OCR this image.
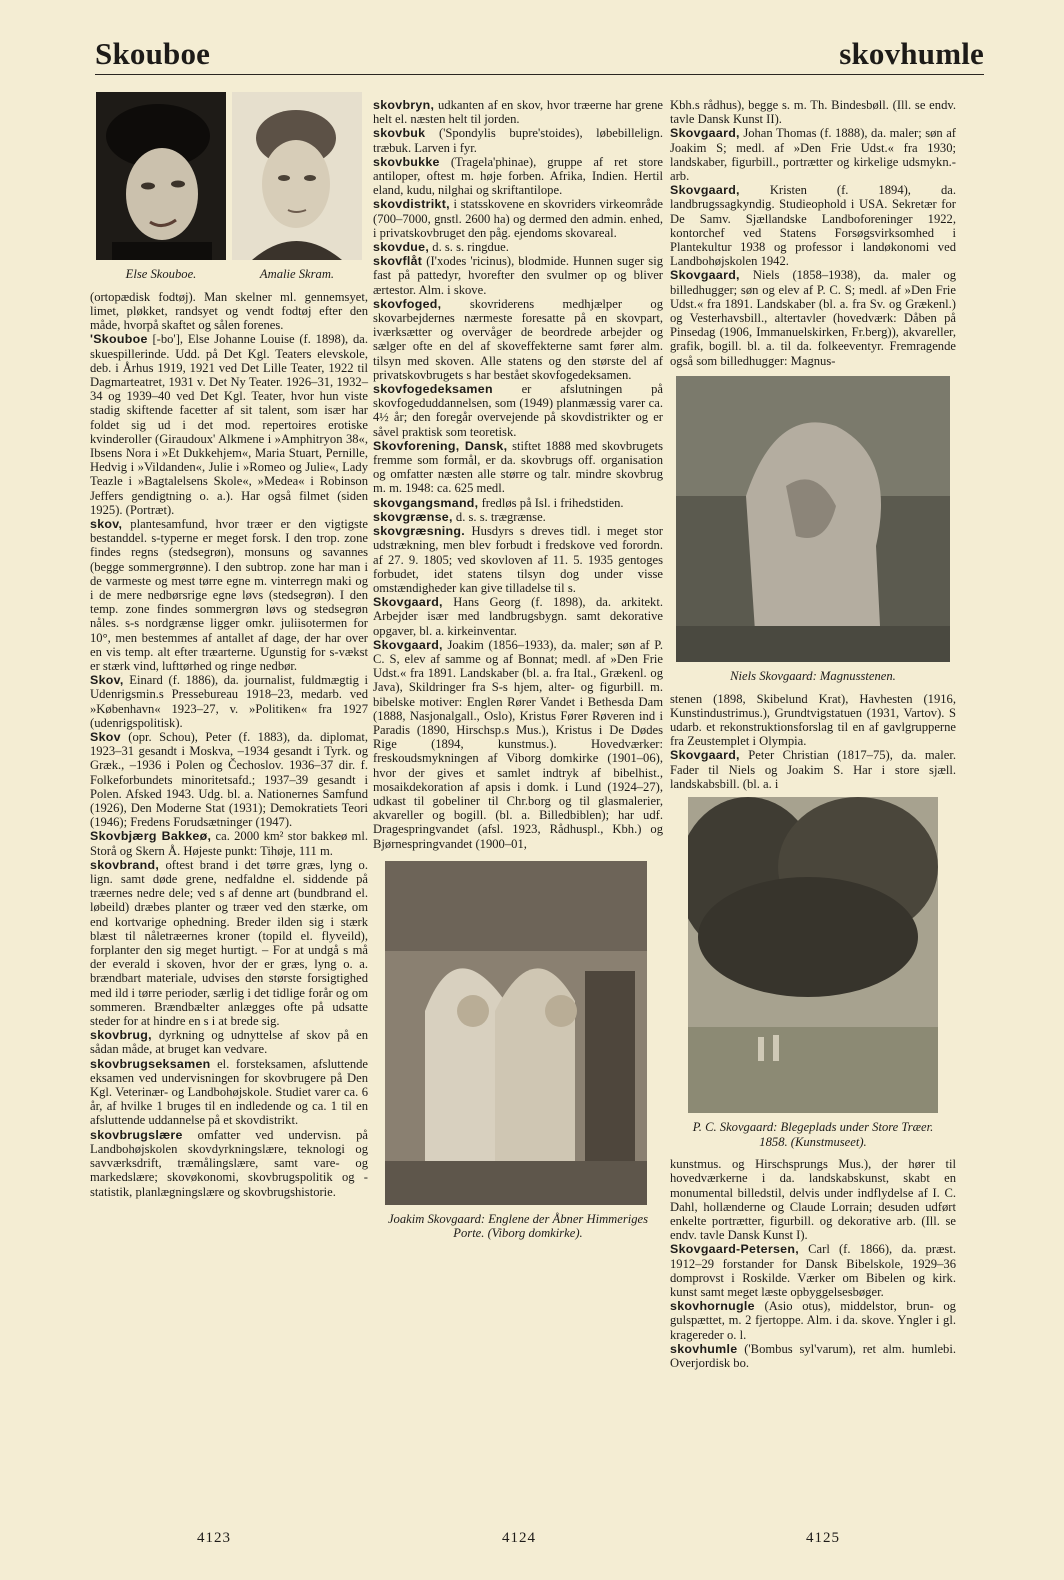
Skouboe	skovhumle
Else Skouboe.	Amalie Skram.

(ortopædisk fodtøj). Man skelner ml. gennemsyet, limet, pløkket, randsyet og vendt fodtøj efter den måde, hvorpå skaftet og sålen forenes.

'Skouboe [-bo'], Else Johanne Louise (f. 1898), da. skuespillerinde. Udd. på Det Kgl. Teaters elevskole, deb. i Århus 1919, 1921 ved Det Lille Teater, 1922 til Dagmarteatret, 1931 v. Det Ny Teater. 1926–31, 1932–34 og 1939–40 ved Det Kgl. Teater, hvor hun viste stadig skiftende facetter af sit talent, som især har foldet sig ud i det mod. repertoires erotiske kvinderoller (Giraudoux' Alkmene i »Amphitryon 38«, Ibsens Nora i »Et Dukkehjem«, Maria Stuart, Pernille, Hedvig i »Vildanden«, Julie i »Romeo og Julie«, Lady Teazle i »Bagtalelsens Skole«, »Medea« i Robinson Jeffers gendigtning o. a.). Har også filmet (siden 1925). (Portræt).

skov, plantesamfund, hvor træer er den vigtigste bestanddel. s-typerne er meget forsk. I den trop. zone findes regns (stedsegrøn), monsuns og savannes (begge sommergrønne). I den subtrop. zone har man i de varmeste og mest tørre egne m. vinterregn maki og i de mere nedbørsrige egne løvs (stedsegrøn). I den temp. zone findes sommergrøn løvs og stedsegrøn nåles. s-s nordgrænse ligger omkr. juliisotermen for 10°, men bestemmes af antallet af dage, der har over en vis temp. alt efter træarterne. Ugunstig for s-vækst er stærk vind, lufttørhed og ringe nedbør.

Skov, Einard (f. 1886), da. journalist, fuldmægtig i Udenrigsmin.s Pressebureau 1918–23, medarb. ved »København« 1923–27, v. »Politiken« fra 1927 (udenrigspolitisk).

Skov (opr. Schou), Peter (f. 1883), da. diplomat, 1923–31 gesandt i Moskva, –1934 gesandt i Tyrk. og Græk., –1936 i Polen og Čechoslov. 1936–37 dir. f. Folkeforbundets minoritetsafd.; 1937–39 gesandt i Polen. Afsked 1943. Udg. bl. a. Nationernes Samfund (1926), Den Moderne Stat (1931); Demokratiets Teori (1946); Fredens Forudsætninger (1947).

Skovbjærg Bakkeø, ca. 2000 km² stor bakkeø ml. Storå og Skern Å. Højeste punkt: Tihøje, 111 m.

skovbrand, oftest brand i det tørre græs, lyng o. lign. samt døde grene, nedfaldne el. siddende på træernes nedre dele; ved s af denne art (bundbrand el. løbeild) dræbes planter og træer ved den stærke, om end kortvarige ophedning. Breder ilden sig i stærk blæst til nåletræernes kroner (topild el. flyveild), forplanter den sig meget hurtigt. – For at undgå s må der everald i skoven, hvor der er græs, lyng o. a. brændbart materiale, udvises den største forsigtighed med ild i tørre perioder, særlig i det tidlige forår og om sommeren. Brændbælter anlægges ofte på udsatte steder for at hindre en s i at brede sig.

skovbrug, dyrkning og udnyttelse af skov på en sådan måde, at bruget kan vedvare.

skovbrugseksamen el. forsteksamen, afsluttende eksamen ved undervisningen for skovbrugere på Den Kgl. Veterinær- og Landbohøjskole. Studiet varer ca. 6 år, af hvilke 1 bruges til en indledende og ca. 1 til en afsluttende uddannelse på et skovdistrikt.

skovbrugslære omfatter ved undervisn. på Landbohøjskolen skovdyrkningslære, teknologi og savværksdrift, træmålingslære, samt vare- og markedslære; skovøkonomi, skovbrugspolitik og -statistik, planlægningslære og skovbrugshistorie.

skovbryn, udkanten af en skov, hvor træerne har grene helt el. næsten helt til jorden.

skovbuk ('Spondylis bupre'stoides), løbebillelign. træbuk. Larven i fyr.

skovbukke (Tragela'phinae), gruppe af ret store antiloper, oftest m. høje forben. Afrika, Indien. Hertil eland, kudu, nilghai og skriftantilope.

skovdistrikt, i statsskovene en skovriders virkeområde (700–7000, gnstl. 2600 ha) og dermed den admin. enhed, i privatskovbruget den påg. ejendoms skovareal.

skovdue, d. s. s. ringdue.

skovflåt (I'xodes 'ricinus), blodmide. Hunnen suger sig fast på pattedyr, hvorefter den svulmer op og bliver ærtestor. Alm. i skove.

skovfoged, skovriderens medhjælper og skovarbejdernes nærmeste foresatte på en skovpart, iværksætter og overvåger de beordrede arbejder og sælger ofte en del af skoveffekterne samt fører alm. tilsyn med skoven. Alle statens og den største del af privatskovbrugets s har bestået skovfogedeksamen.

skovfogedeksamen er afslutningen på skovfogeduddannelsen, som (1949) planmæssig varer ca. 4½ år; den foregår overvejende på skovdistrikter og er såvel praktisk som teoretisk.

Skovforening, Dansk, stiftet 1888 med skovbrugets fremme som formål, er da. skovbrugs off. organisation og omfatter næsten alle større og talr. mindre skovbrug m. m. 1948: ca. 625 medl.

skovgangsmand, fredløs på Isl. i frihedstiden.

skovgrænse, d. s. s. trægrænse.

skovgræsning. Husdyrs s dreves tidl. i meget stor udstrækning, men blev forbudt i fredskove ved forordn. af 27. 9. 1805; ved skovloven af 11. 5. 1935 gentoges forbudet, idet statens tilsyn dog under visse omstændigheder kan give tilladelse til s.

Skovgaard, Hans Georg (f. 1898), da. arkitekt. Arbejder især med landbrugsbygn. samt dekorative opgaver, bl. a. kirkeinventar.

Skovgaard, Joakim (1856–1933), da. maler; søn af P. C. S, elev af samme og af Bonnat; medl. af »Den Frie Udst.« fra 1891. Landskaber (bl. a. fra Ital., Grækenl. og Java), Skildringer fra S-s hjem, alter- og figurbill. m. bibelske motiver: Englen Rører Vandet i Bethesda Dam (1888, Nasjonalgall., Oslo), Kristus Fører Røveren ind i Paradis (1890, Hirschsp.s Mus.), Kristus i De Dødes Rige (1894, kunstmus.). Hovedværker: freskoudsmykningen af Viborg domkirke (1901–06), hvor der gives et samlet indtryk af bibelhist., mosaikdekoration af apsis i domk. i Lund (1924–27), udkast til gobeliner til Chr.borg og til glasmalerier, akvareller og bogill. (bl. a. Billedbiblen); har udf. Dragespringvandet (afsl. 1923, Rådhuspl., Kbh.) og Bjørnespringvandet (1900–01,

Joakim Skovgaard: Englene der Åbner Himmeriges Porte. (Viborg domkirke).

Kbh.s rådhus), begge s. m. Th. Bindesbøll. (Ill. se endv. tavle Dansk Kunst II).

Skovgaard, Johan Thomas (f. 1888), da. maler; søn af Joakim S; medl. af »Den Frie Udst.« fra 1930; landskaber, figurbill., portrætter og kirkelige udsmykn.-arb.

Skovgaard, Kristen (f. 1894), da. landbrugssagkyndig. Studieophold i USA. Sekretær for De Samv. Sjællandske Landboforeninger 1922, kontorchef ved Statens Forsøgsvirksomhed i Plantekultur 1938 og professor i landøkonomi ved Landbohøjskolen 1942.

Skovgaard, Niels (1858–1938), da. maler og billedhugger; søn og elev af P. C. S; medl. af »Den Frie Udst.« fra 1891. Landskaber (bl. a. fra Sv. og Grækenl.) og Vesterhavsbill., altertavler (hovedværk: Dåben på Pinsedag (1906, Immanuelskirken, Fr.berg)), akvareller, grafik, bogill. bl. a. til da. folkeeventyr. Fremragende også som billedhugger: Magnus-

Niels Skovgaard: Magnusstenen.

stenen (1898, Skibelund Krat), Havhesten (1916, Kunstindustrimus.), Grundtvigstatuen (1931, Vartov). S udarb. et rekonstruktionsforslag til en af gavlgrupperne fra Zeustemplet i Olympia.

Skovgaard, Peter Christian (1817–75), da. maler. Fader til Niels og Joakim S. Har i store sjæll. landskabsbill. (bl. a. i

P. C. Skovgaard: Blegeplads under Store Træer. 1858. (Kunstmuseet).

kunstmus. og Hirschsprungs Mus.), der hører til hovedværkerne i da. landskabskunst, skabt en monumental billedstil, delvis under indflydelse af I. C. Dahl, hollænderne og Claude Lorrain; desuden udført enkelte portrætter, figurbill. og dekorative arb. (Ill. se endv. tavle Dansk Kunst I).

Skovgaard-Petersen, Carl (f. 1866), da. præst. 1912–29 forstander for Dansk Bibelskole, 1929–36 domprovst i Roskilde. Værker om Bibelen og kirk. kunst samt meget læste opbyggelsesbøger.

skovhornugle (Asio otus), middelstor, brun- og gulspættet, m. 2 fjertoppe. Alm. i da. skove. Yngler i gl. kragereder o. l.

skovhumle ('Bombus syl'varum), ret alm. humlebi. Overjordisk bo.

4123	4124	4125
